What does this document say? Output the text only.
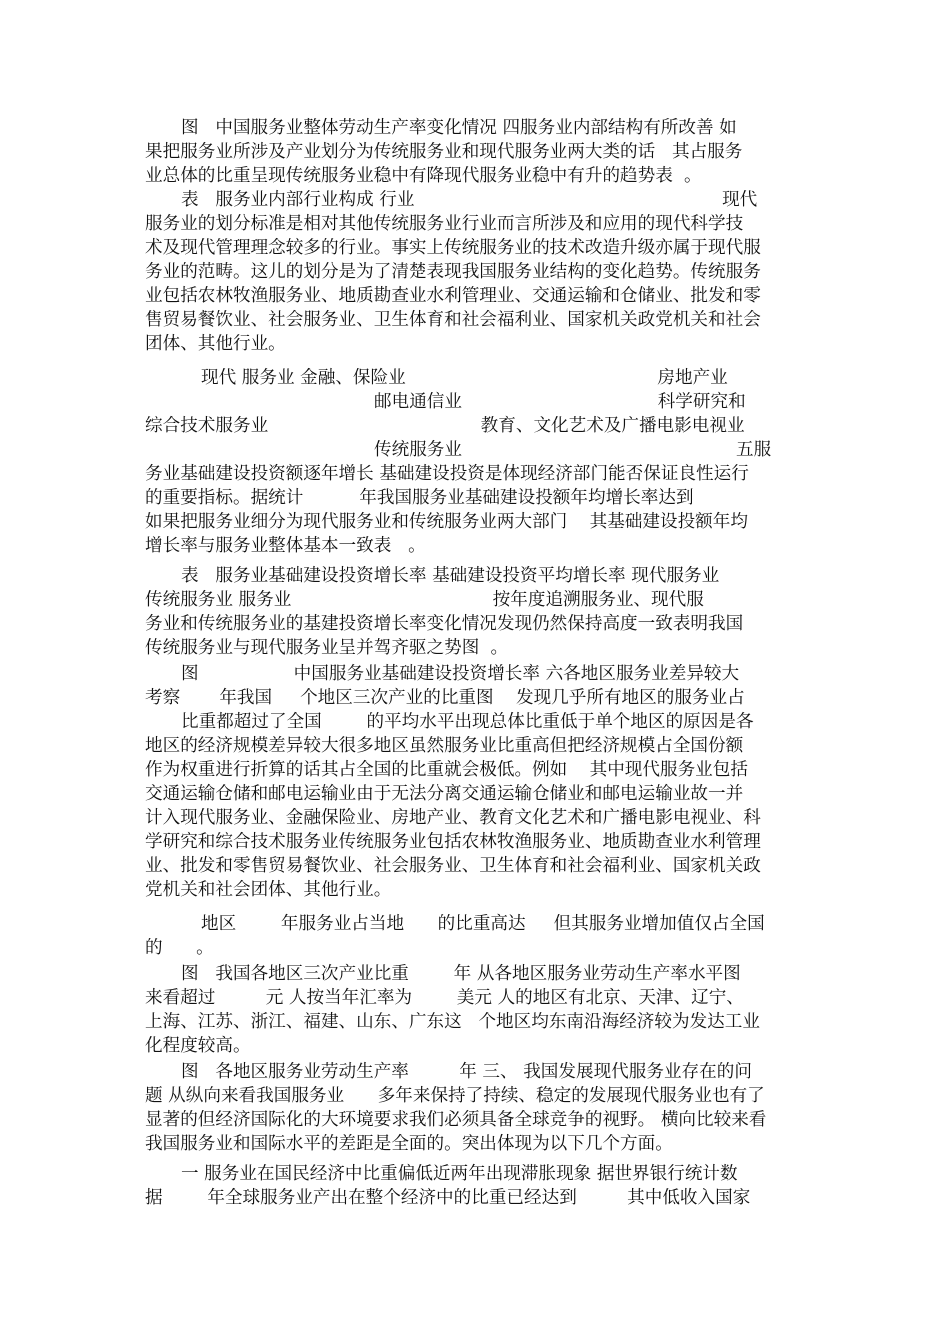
图   中国服务业整体劳动生产率变化情况 四服务业内部结构有所改善 如
果把服务业所涉及产业划分为传统服务业和现代服务业两大类的话   其占服务
业总体的比重呈现传统服务业稳中有降现代服务业稳中有升的趋势表  。
表   服务业内部行业构成 行业                                                       现代
服务业的划分标准是相对其他传统服务业行业而言所涉及和应用的现代科学技
术及现代管理理念较多的行业。事实上传统服务业的技术改造升级亦属于现代服
务业的范畴。这儿的划分是为了清楚表现我国服务业结构的变化趋势。传统服务
业包括农林牧渔服务业、地质勘查业水利管理业、交通运输和仓储业、批发和零
售贸易餐饮业、社会服务业、卫生体育和社会福利业、国家机关政党机关和社会
团体、其他行业。
现代 服务业 金融、保险业                                             房地产业
邮电通信业                                   科学研究和
综合技术服务业                                      教育、文化艺术及广播电影电视业
传统服务业                                                 五服
务业基础建设投资额逐年增长 基础建设投资是体现经济部门能否保证良性运行
的重要指标。据统计          年我国服务业基础建设投额年均增长率达到
如果把服务业细分为现代服务业和传统服务业两大部门    其基础建设投额年均
增长率与服务业整体基本一致表   。
表   服务业基础建设投资增长率 基础建设投资平均增长率 现代服务业
传统服务业 服务业                                    按年度追溯服务业、现代服
务业和传统服务业的基建投资增长率变化情况发现仍然保持高度一致表明我国
传统服务业与现代服务业呈并驾齐驱之势图  。
图                 中国服务业基础建设投资增长率 六各地区服务业差异较大
考察       年我国     个地区三次产业的比重图    发现几乎所有地区的服务业占
比重都超过了全国        的平均水平出现总体比重低于单个地区的原因是各
地区的经济规模差异较大很多地区虽然服务业比重高但把经济规模占全国份额
作为权重进行折算的话其占全国的比重就会极低。例如    其中现代服务业包括
交通运输仓储和邮电运输业由于无法分离交通运输仓储业和邮电运输业故一并
计入现代服务业、金融保险业、房地产业、教育文化艺术和广播电影电视业、科
学研究和综合技术服务业传统服务业包括农林牧渔服务业、地质勘查业水利管理
业、批发和零售贸易餐饮业、社会服务业、卫生体育和社会福利业、国家机关政
党机关和社会团体、其他行业。
地区        年服务业占当地      的比重高达     但其服务业增加值仅占全国
的      。
图   我国各地区三次产业比重        年 从各地区服务业劳动生产率水平图
来看超过         元 人按当年汇率为        美元 人的地区有北京、天津、辽宁、
上海、江苏、浙江、福建、山东、广东这   个地区均东南沿海经济较为发达工业
化程度较高。
图   各地区服务业劳动生产率         年 三、 我国发展现代服务业存在的问
题 从纵向来看我国服务业      多年来保持了持续、稳定的发展现代服务业也有了
显著的但经济国际化的大环境要求我们必须具备全球竞争的视野。 横向比较来看
我国服务业和国际水平的差距是全面的。突出体现为以下几个方面。
一 服务业在国民经济中比重偏低近两年出现滞胀现象 据世界银行统计数
据        年全球服务业产出在整个经济中的比重已经达到         其中低收入国家
